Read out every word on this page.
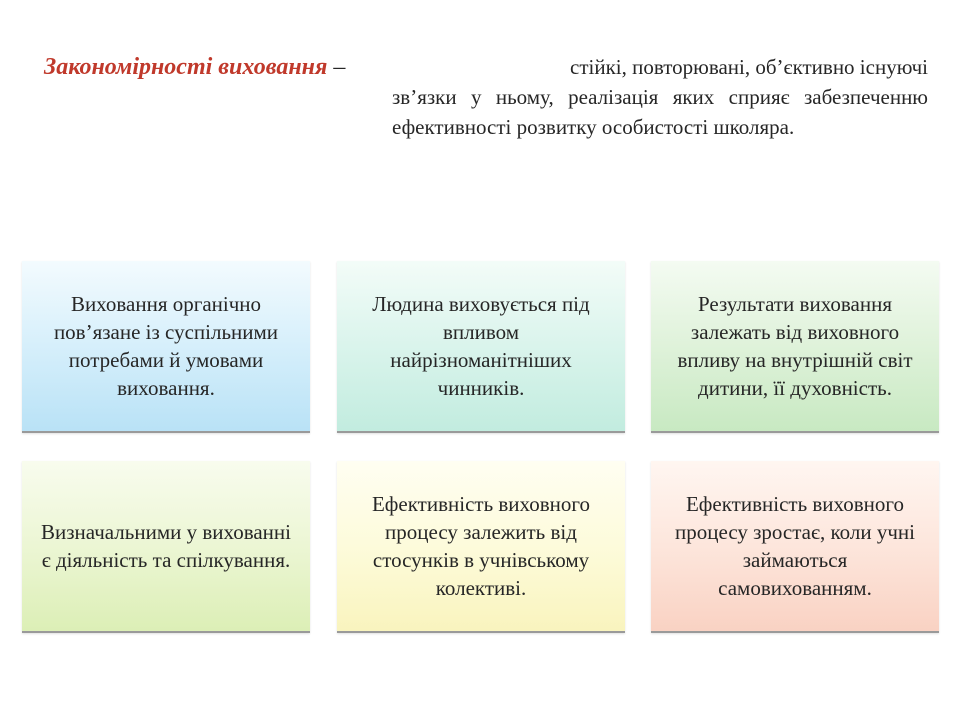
Закономірності виховання –	стійкі, повторювані, об’єктивно існуючі
зв’язки у ньому, реалізація яких сприяє забезпеченню ефективності розвитку особистості школяра.
Виховання органічно пов’язане із суспільними потребами й умовами виховання.
Людина виховується під впливом найрізноманітніших чинників.
Результати виховання залежать від виховного впливу на внутрішній світ дитини, її духовність.
Визначальними у вихованні є діяльність та спілкування.
Ефективність виховного процесу залежить від стосунків в учнівському колективі.
Ефективність виховного процесу зростає, коли учні займаються самовихованням.
